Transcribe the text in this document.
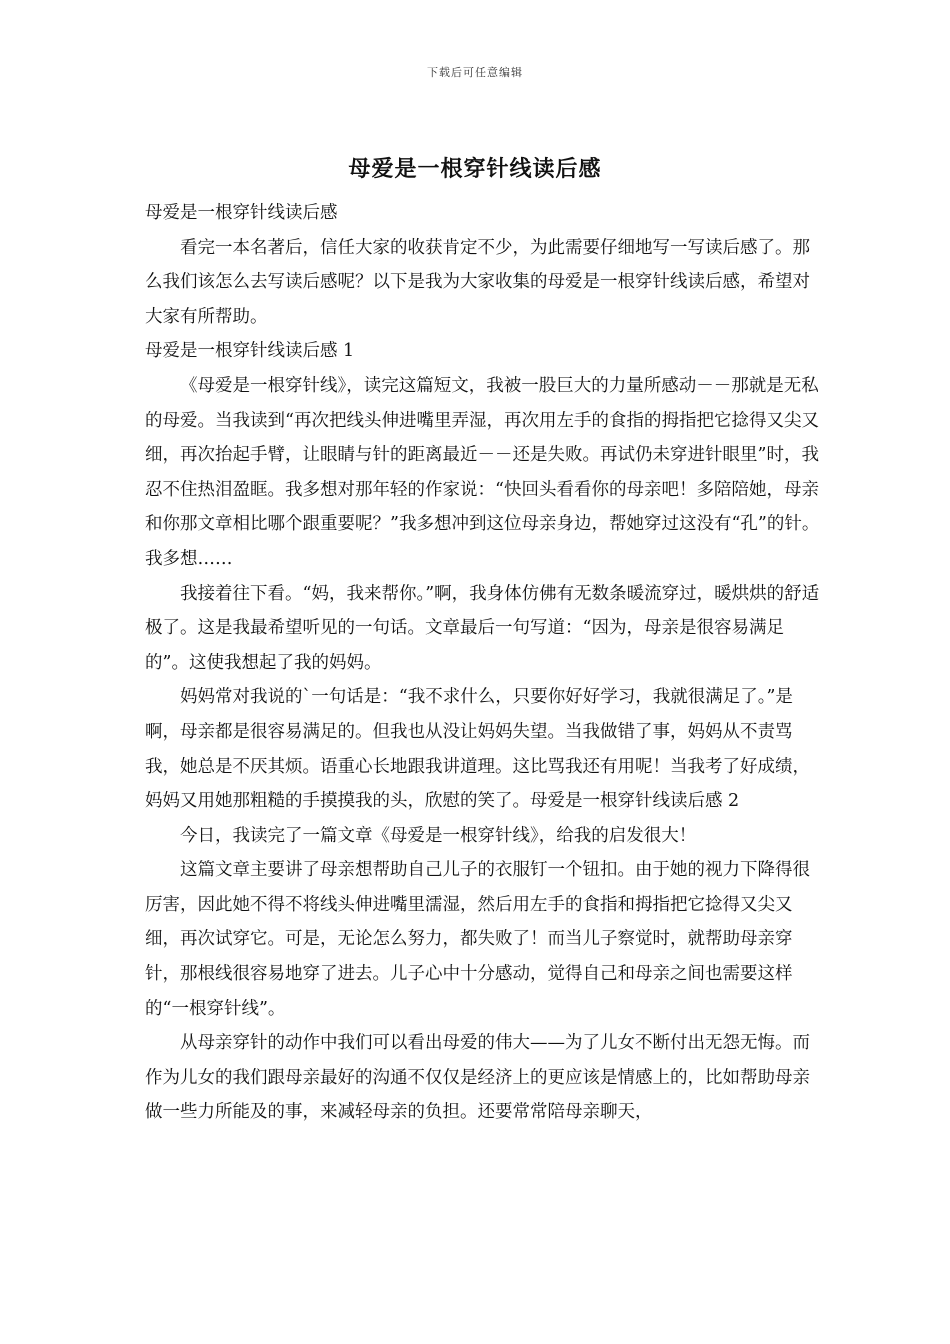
下载后可任意编辑
母爱是一根穿针线读后感

母爱是一根穿针线读后感

看完一本名著后，信任大家的收获肯定不少，为此需要仔细地写一写读后感了。那么我们该怎么去写读后感呢？以下是我为大家收集的母爱是一根穿针线读后感，希望对大家有所帮助。

母爱是一根穿针线读后感 1

《母爱是一根穿针线》，读完这篇短文，我被一股巨大的力量所感动－－那就是无私的母爱。当我读到“再次把线头伸进嘴里弄湿，再次用左手的食指的拇指把它捻得又尖又细，再次抬起手臂，让眼睛与针的距离最近－－还是失败。再试仍未穿进针眼里”时，我忍不住热泪盈眶。我多想对那年轻的作家说：“快回头看看你的母亲吧！多陪陪她，母亲和你那文章相比哪个跟重要呢？”我多想冲到这位母亲身边，帮她穿过这没有“孔”的针。我多想……

我接着往下看。“妈，我来帮你。”啊，我身体仿佛有无数条暖流穿过，暖烘烘的舒适极了。这是我最希望听见的一句话。文章最后一句写道：“因为，母亲是很容易满足的”。这使我想起了我的妈妈。

妈妈常对我说的`一句话是：“我不求什么，只要你好好学习，我就很满足了。”是啊，母亲都是很容易满足的。但我也从没让妈妈失望。当我做错了事，妈妈从不责骂我，她总是不厌其烦。语重心长地跟我讲道理。这比骂我还有用呢！当我考了好成绩，妈妈又用她那粗糙的手摸摸我的头，欣慰的笑了。母爱是一根穿针线读后感 2

今日，我读完了一篇文章《母爱是一根穿针线》，给我的启发很大！

这篇文章主要讲了母亲想帮助自己儿子的衣服钉一个钮扣。由于她的视力下降得很厉害，因此她不得不将线头伸进嘴里濡湿，然后用左手的食指和拇指把它捻得又尖又细，再次试穿它。可是，无论怎么努力，都失败了！而当儿子察觉时，就帮助母亲穿针，那根线很容易地穿了进去。儿子心中十分感动，觉得自己和母亲之间也需要这样的“一根穿针线”。

从母亲穿针的动作中我们可以看出母爱的伟大——为了儿女不断付出无怨无悔。而作为儿女的我们跟母亲最好的沟通不仅仅是经济上的更应该是情感上的，比如帮助母亲做一些力所能及的事，来减轻母亲的负担。还要常常陪母亲聊天，
